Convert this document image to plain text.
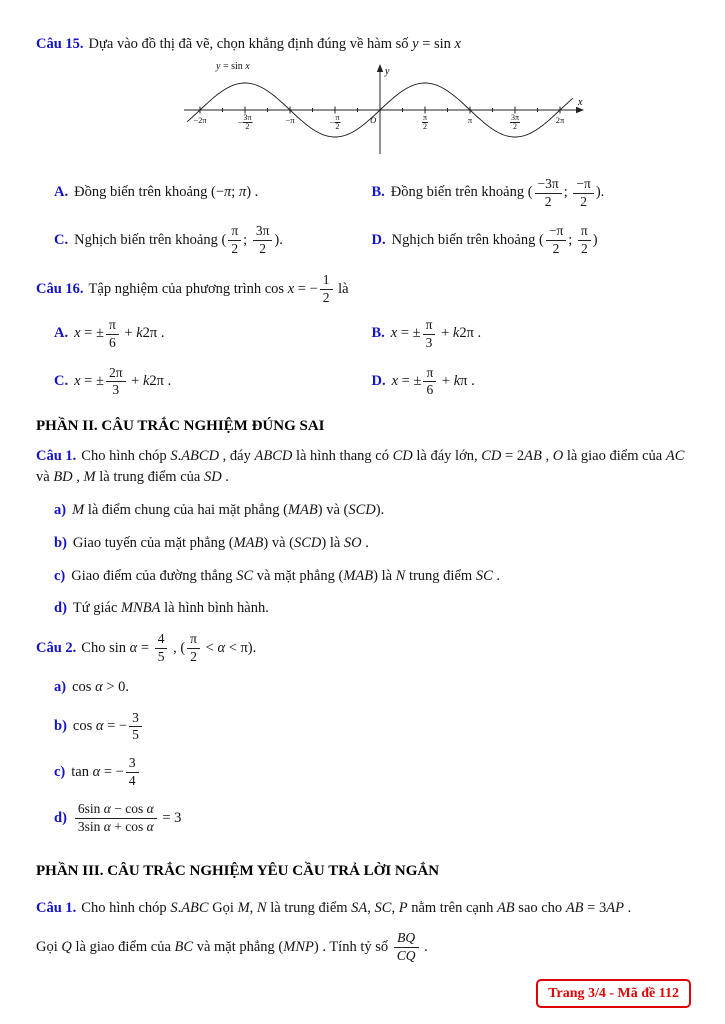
Câu 15. Dựa vào đồ thị đã vẽ, chọn khẳng định đúng về hàm số y = sin x

x
y
y = sin x
−2π	− $\frac{3\pi}{2}$	−π	− $\frac{\pi}{2}$	O	$\frac{\pi}{2}$	π	$\frac{3\pi}{2}$	2π
A. Đồng biến trên khoảng (−π; π) .	B. Đồng biến trên khoảng ( $\frac{-3\pi}{2}$ ; $\frac{-\pi}{2}$ ).
C. Nghịch biến trên khoảng ( $\frac{\pi}{2}$ ; $\frac{3\pi}{2}$ ).	D. Nghịch biến trên khoảng ( $\frac{-\pi}{2}$ ; $\frac{\pi}{2}$ )

Câu 16. Tập nghiệm của phương trình cos x = − $\frac{1}{2}$ là

A. x = ± $\frac{\pi}{6} + k2\pi$ .	B. x = ± $\frac{\pi}{3} + k2\pi$ .
C. x = ± $\frac{2\pi}{3} + k2\pi$ .	D. x = ± $\frac{\pi}{6} + k\pi$ .
PHẦN II. CÂU TRẮC NGHIỆM ĐÚNG SAI

Câu 1. Cho hình chóp S.ABCD , đáy ABCD là hình thang có CD là đáy lớn, CD = 2AB , O là giao điểm của AC và BD , M là trung điểm của SD .

a) M là điểm chung của hai mặt phẳng (MAB) và (SCD).
b) Giao tuyến của mặt phẳng (MAB) và (SCD) là SO .
c) Giao điểm của đường thẳng SC và mặt phẳng (MAB) là N trung điểm SC .
d) Tứ giác MNBA là hình bình hành.

Câu 2. Cho $\sin \alpha = \frac{4}{5}$ , ( $\frac{\pi}{2} < \alpha < \pi$).

a) cos α > 0.
b) cos α = − $\frac{3}{5}$
c) tan α = − $\frac{3}{4}$
$d) \frac{\text{6sin α − cos α}}{\text{3sin α + cos α}} = 3$
PHẦN III. CÂU TRẮC NGHIỆM YÊU CẦU TRẢ LỜI NGẮN

Câu 1. Cho hình chóp S.ABC Gọi M, N là trung điểm SA, SC, P nằm trên cạnh AB sao cho AB = 3AP .

Gọi Q là giao điểm của BC và mặt phẳng (MNP) . Tính tỷ số $\frac{BQ}{CQ}$ .

Trang 3/4 - Mã đề 112
